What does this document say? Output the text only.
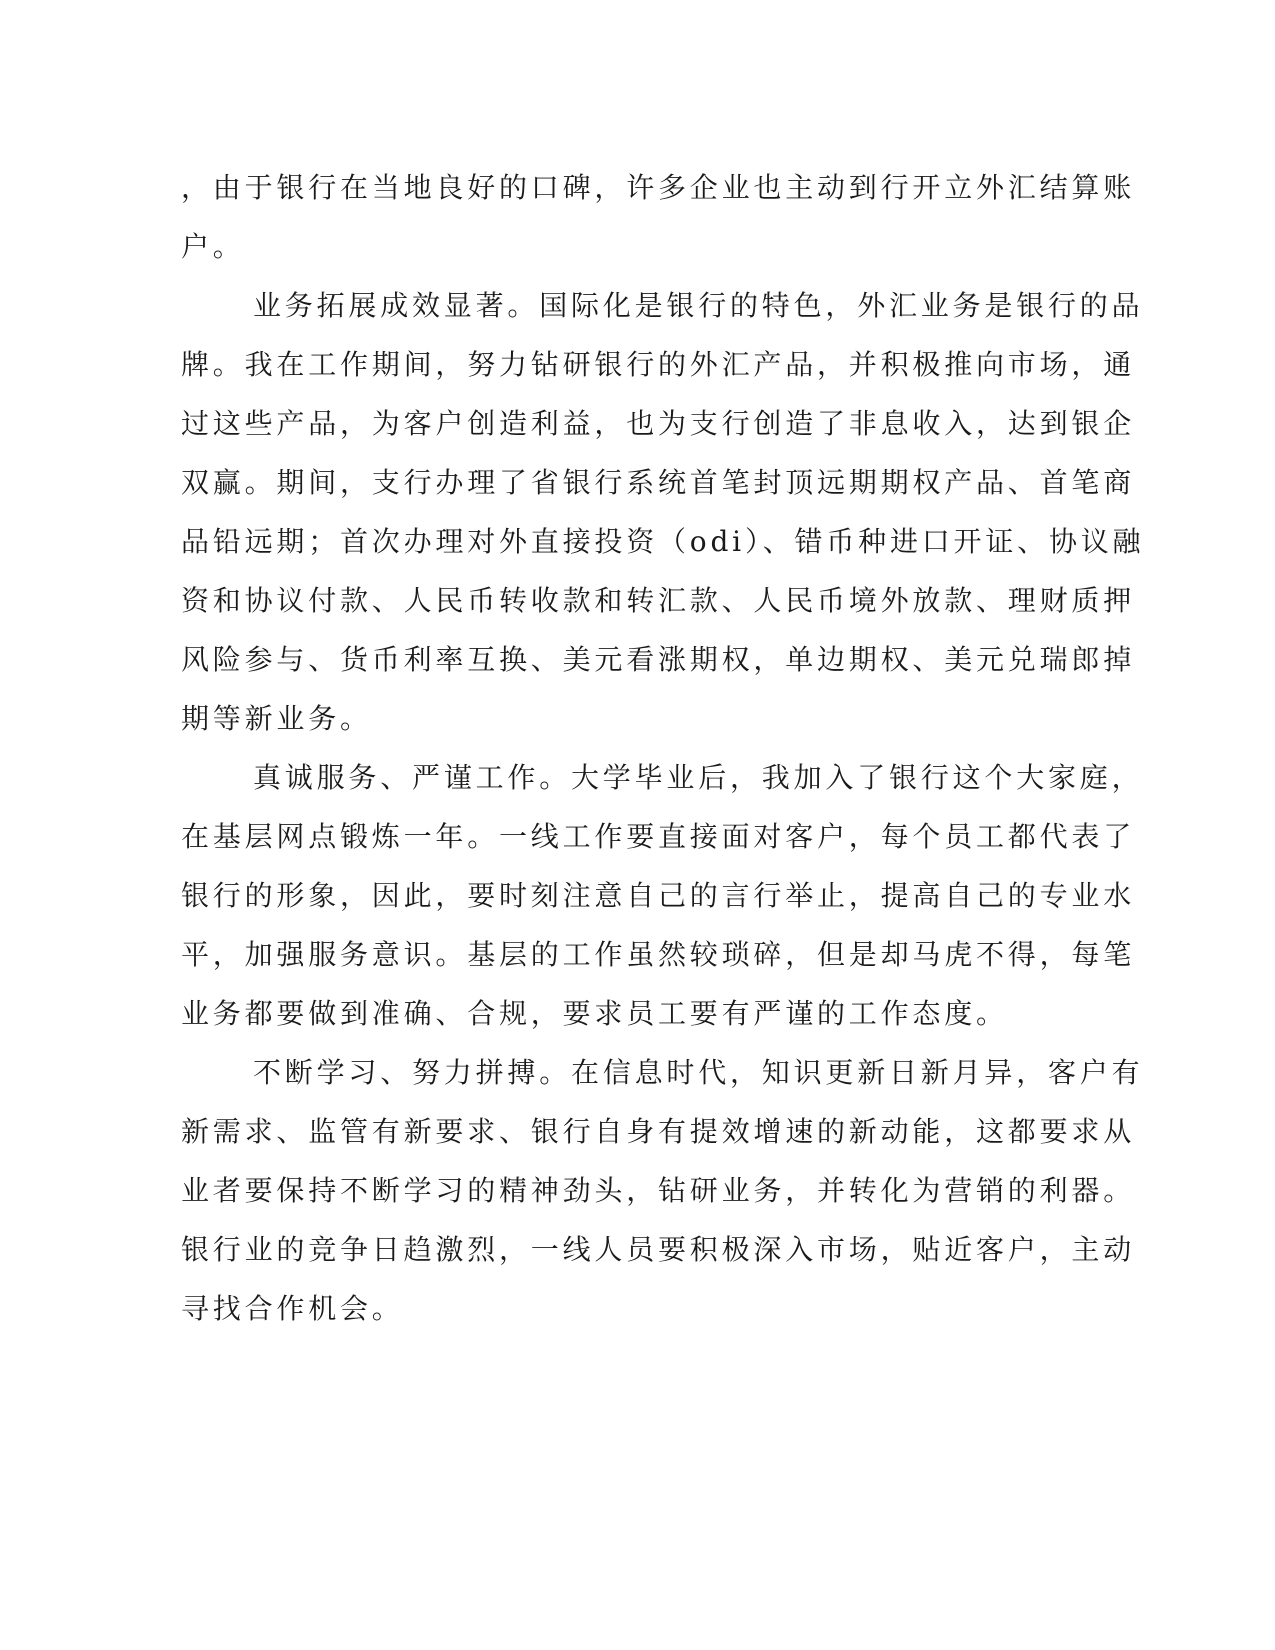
，由于银行在当地良好的口碑，许多企业也主动到行开立外汇结算账
户。

业务拓展成效显著。国际化是银行的特色，外汇业务是银行的品
牌。我在工作期间，努力钻研银行的外汇产品，并积极推向市场，通
过这些产品，为客户创造利益，也为支行创造了非息收入，达到银企
双赢。期间，支行办理了省银行系统首笔封顶远期期权产品、首笔商
品铅远期；首次办理对外直接投资（odi）、错币种进口开证、协议融
资和协议付款、人民币转收款和转汇款、人民币境外放款、理财质押
风险参与、货币利率互换、美元看涨期权，单边期权、美元兑瑞郎掉
期等新业务。

真诚服务、严谨工作。大学毕业后，我加入了银行这个大家庭，
在基层网点锻炼一年。一线工作要直接面对客户，每个员工都代表了
银行的形象，因此，要时刻注意自己的言行举止，提高自己的专业水
平，加强服务意识。基层的工作虽然较琐碎，但是却马虎不得，每笔
业务都要做到准确、合规，要求员工要有严谨的工作态度。

不断学习、努力拼搏。在信息时代，知识更新日新月异，客户有
新需求、监管有新要求、银行自身有提效增速的新动能，这都要求从
业者要保持不断学习的精神劲头，钻研业务，并转化为营销的利器。
银行业的竞争日趋激烈，一线人员要积极深入市场，贴近客户，主动
寻找合作机会。
